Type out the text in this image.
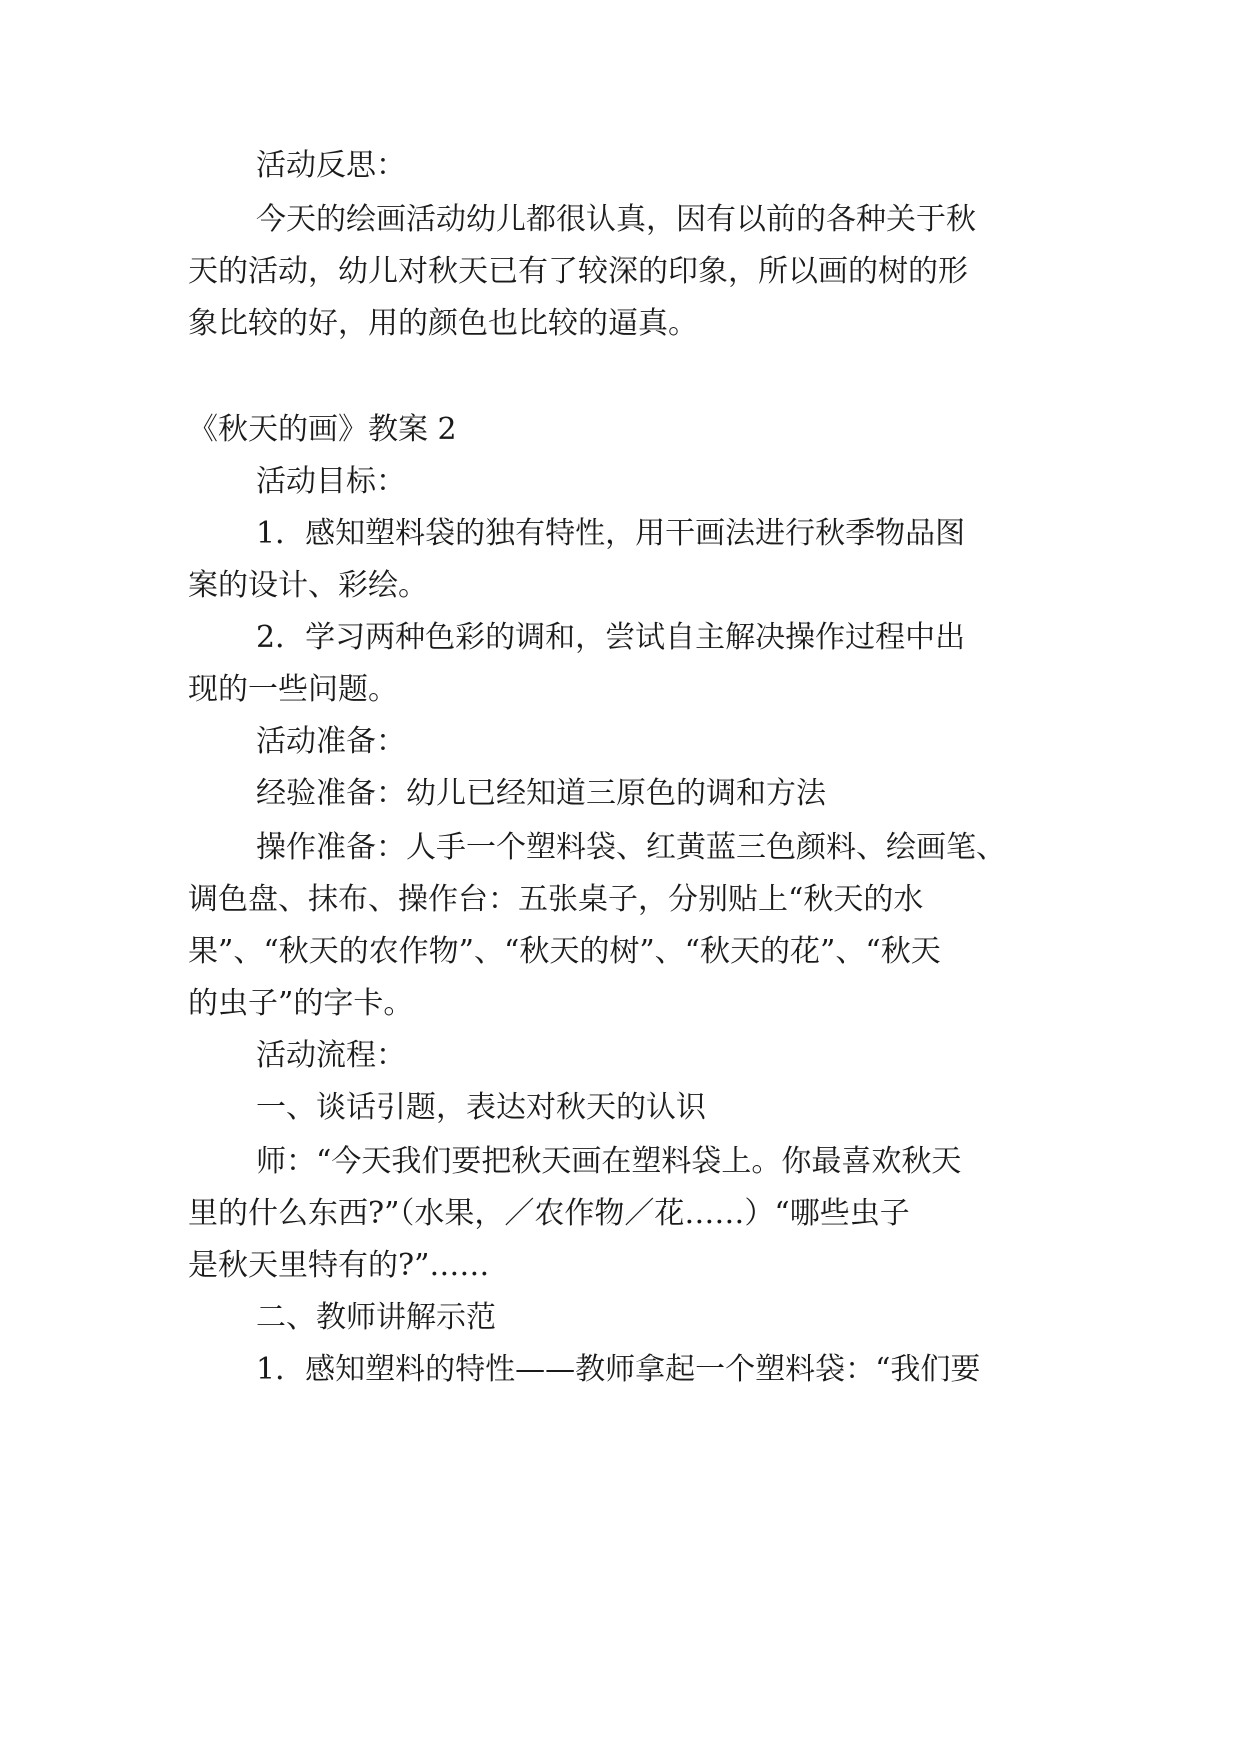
活动反思：
今天的绘画活动幼儿都很认真，因有以前的各种关于秋
天的活动，幼儿对秋天已有了较深的印象，所以画的树的形
象比较的好，用的颜色也比较的逼真。
《秋天的画》教案 2
活动目标：
1．感知塑料袋的独有特性，用干画法进行秋季物品图
案的设计、彩绘。
2．学习两种色彩的调和，尝试自主解决操作过程中出
现的一些问题。
活动准备：
经验准备：幼儿已经知道三原色的调和方法
操作准备：人手一个塑料袋、红黄蓝三色颜料、绘画笔、
调色盘、抹布、操作台：五张桌子，分别贴上“秋天的水
果”、“秋天的农作物”、“秋天的树”、“秋天的花”、“秋天
的虫子”的字卡。
活动流程：
一、谈话引题，表达对秋天的认识
师：“今天我们要把秋天画在塑料袋上。你最喜欢秋天
里的什么东西?”（水果，／农作物／花……）“哪些虫子
是秋天里特有的?”……
二、教师讲解示范
1．感知塑料的特性——教师拿起一个塑料袋：“我们要
